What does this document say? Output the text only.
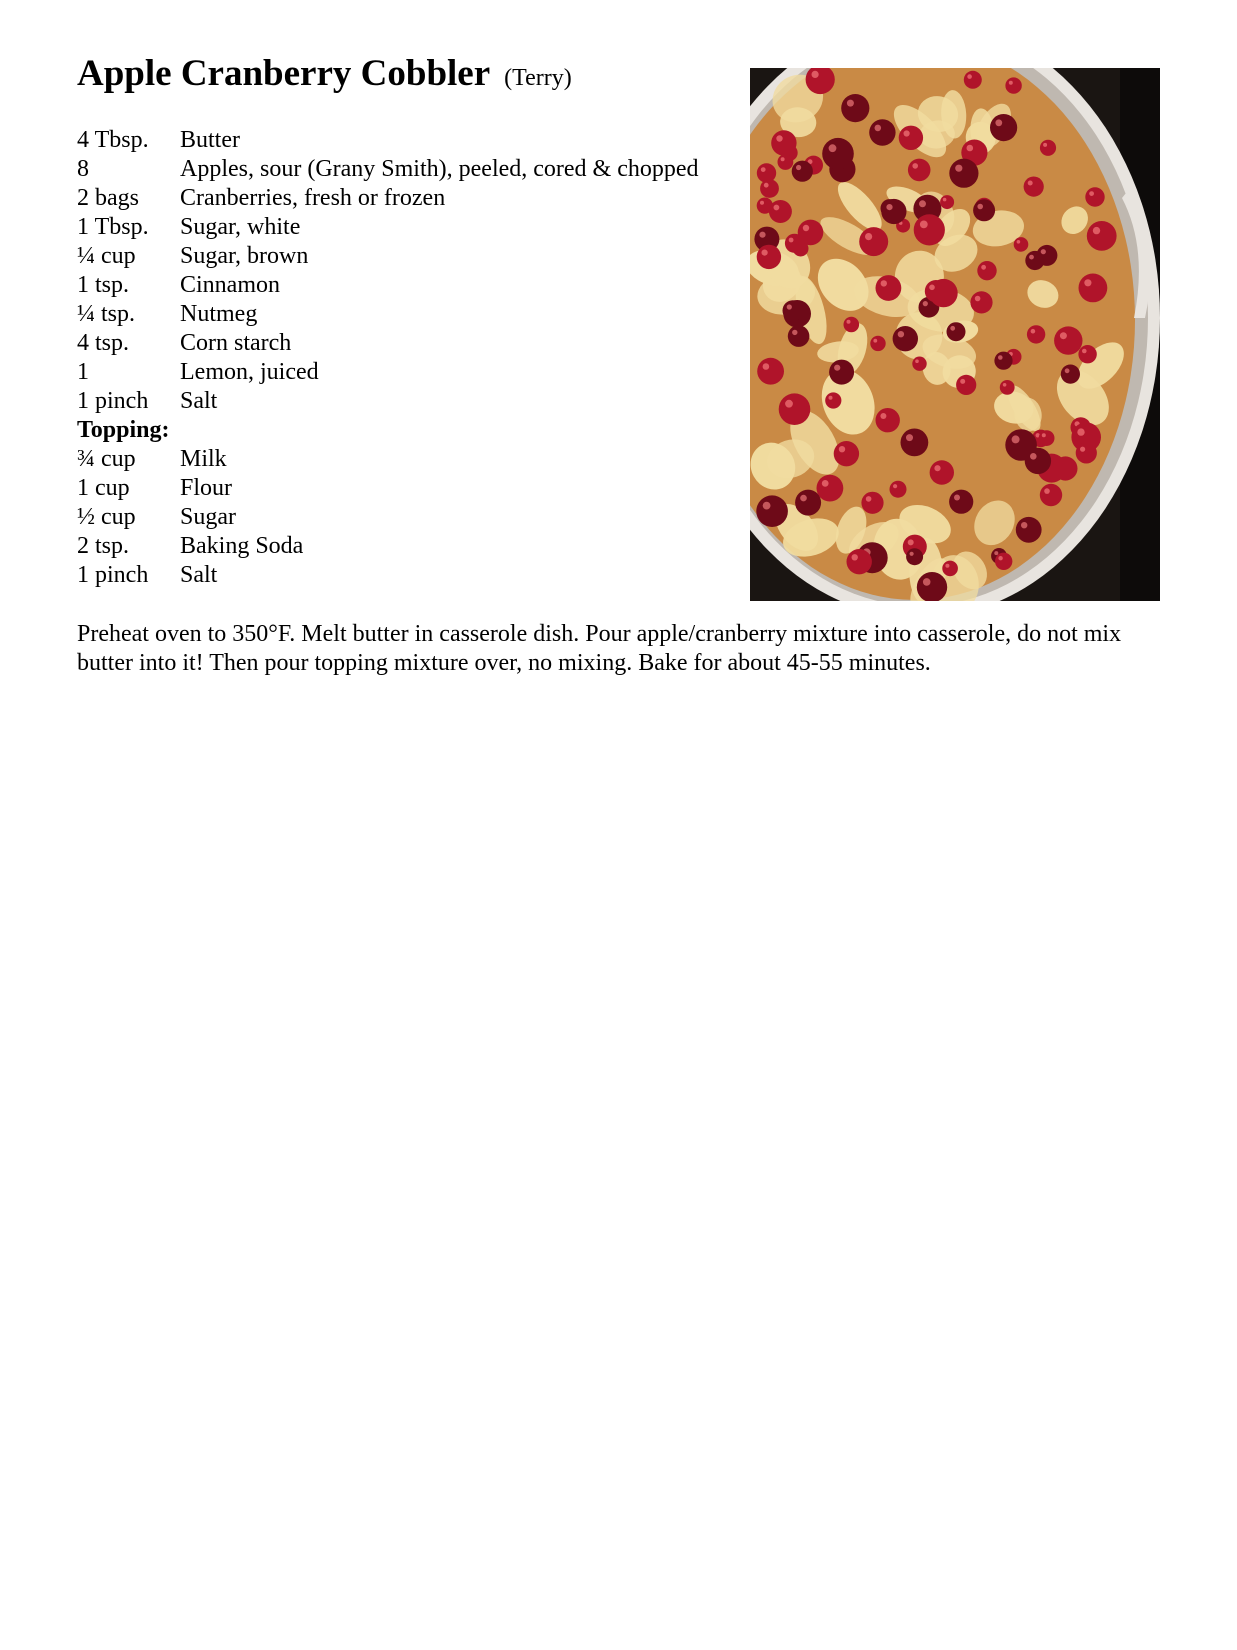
Apple Cranberry Cobbler (Terry)
4 Tbsp. Butter
8	Apples, sour (Grany Smith), peeled, cored & chopped
2 bags Cranberries, fresh or frozen
1 Tbsp. Sugar, white
¼ cup Sugar, brown
1 tsp. Cinnamon
¼ tsp. Nutmeg
4 tsp. Corn starch
1	Lemon, juiced
1 pinch Salt
Topping:
¾ cup Milk
1 cup Flour
½ cup Sugar
2 tsp. Baking Soda
1 pinch Salt
Preheat oven to 350°F. Melt butter in casserole dish. Pour apple/cranberry mixture into casserole, do not mix butter into it! Then pour topping mixture over, no mixing. Bake for about 45-55 minutes.
